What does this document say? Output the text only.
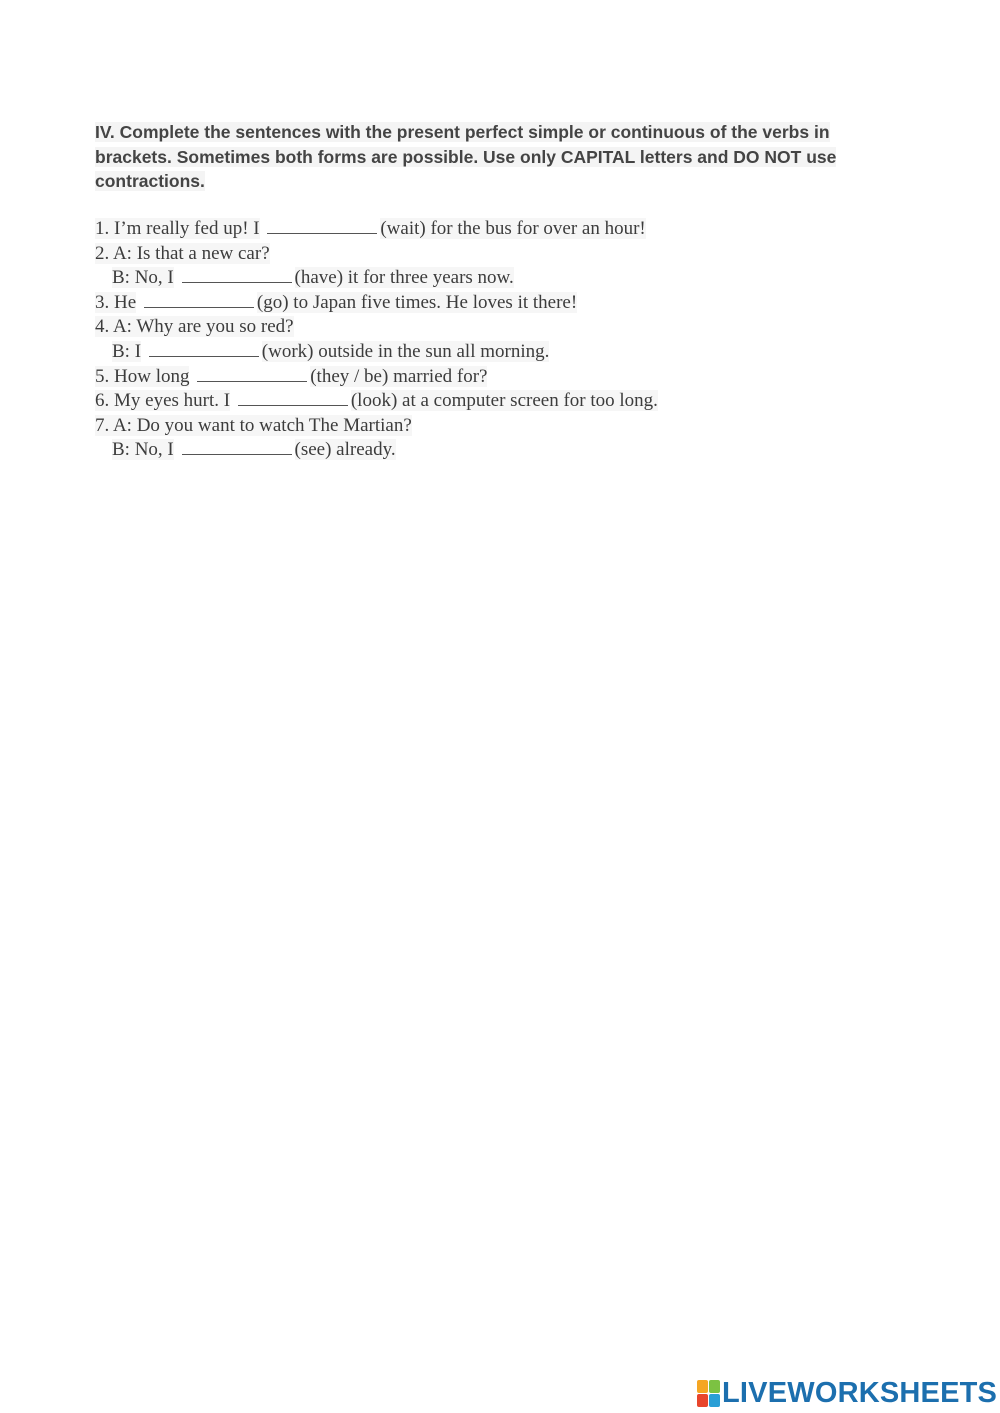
IV. Complete the sentences with the present perfect simple or continuous of the verbs in
brackets. Sometimes both forms are possible. Use only CAPITAL letters and DO NOT use
contractions.

1. I’m really fed up! I	(wait) for the bus for over an hour!
2. A: Is that a new car?
B: No, I	(have) it for three years now.
3. He	(go) to Japan five times. He loves it there!
4. A: Why are you so red?
B: I	(work) outside in the sun all morning.
5. How long	(they / be) married for?
6. My eyes hurt. I	(look) at a computer screen for too long.
7. A: Do you want to watch The Martian?
B: No, I	(see) already.
LIVEWORKSHEETS
